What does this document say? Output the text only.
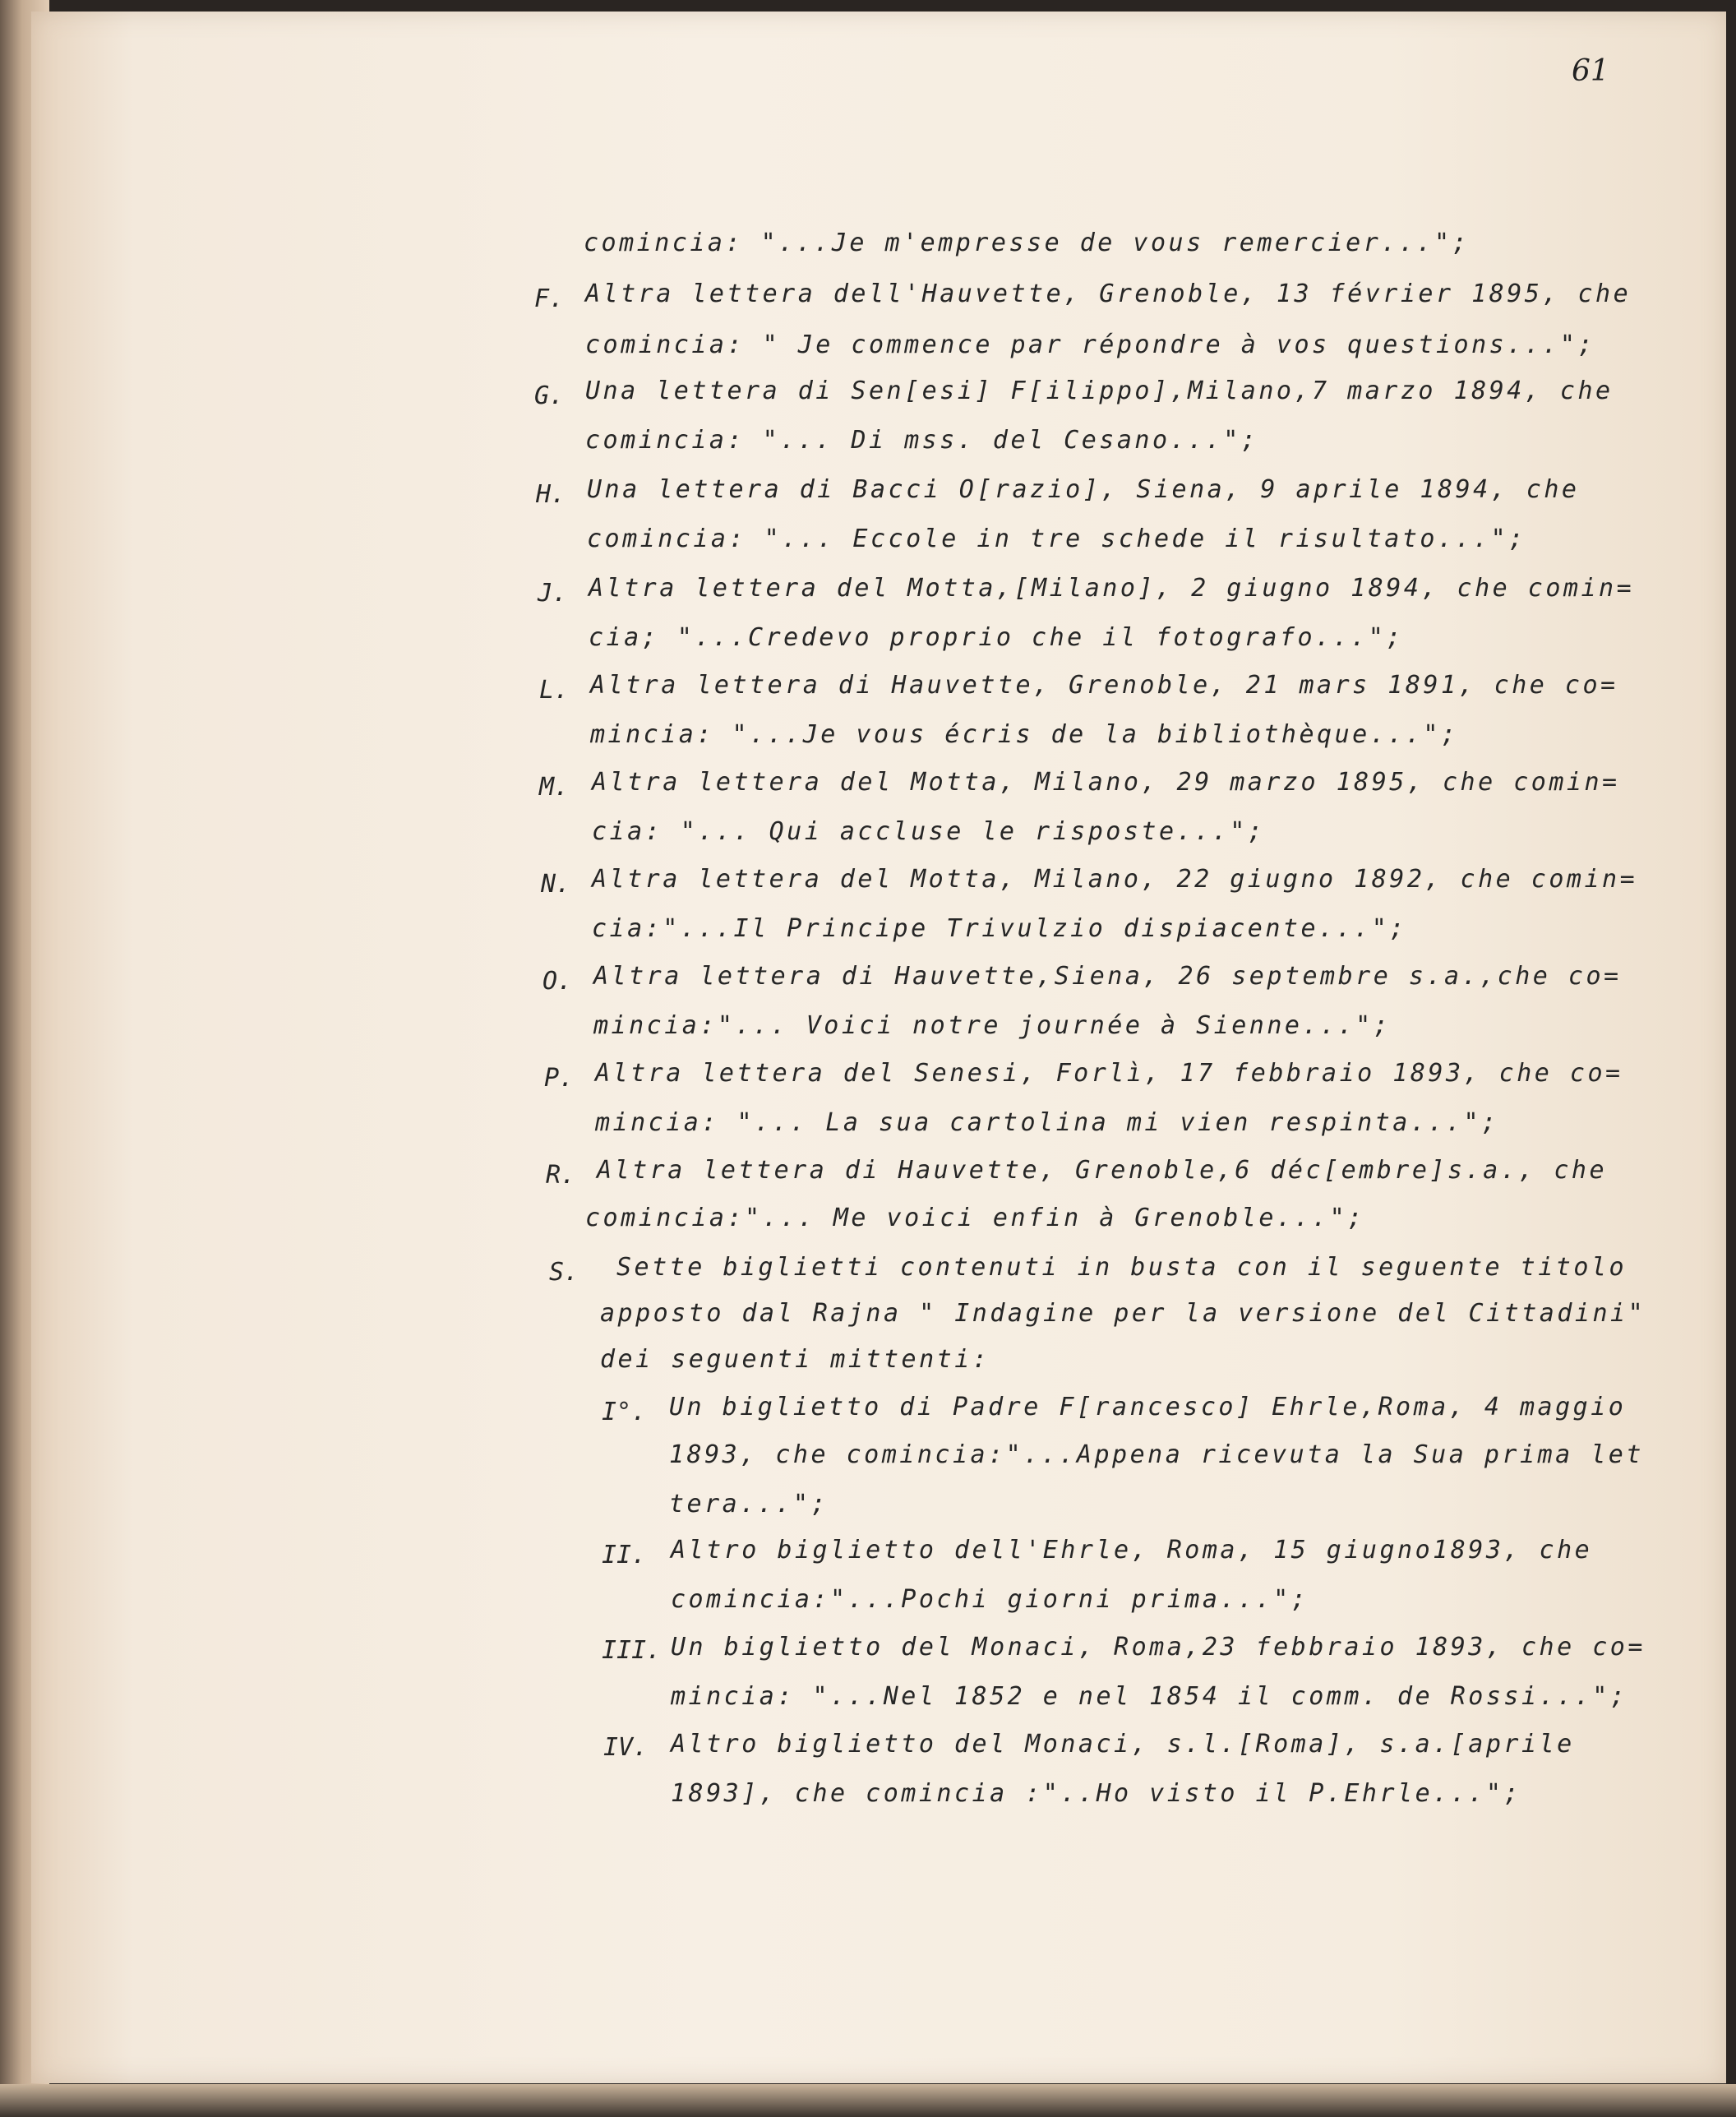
61
comincia: "...Je m'empresse de vous remercier...";
F. Altra lettera dell'Hauvette, Grenoble, 13 février 1895, che
comincia: " Je commence par répondre à vos questions...";
G. Una lettera di Sen[esi] F[ilippo],Milano,7 marzo 1894, che
comincia: "... Di mss. del Cesano...";
H. Una lettera di Bacci O[razio], Siena, 9 aprile 1894, che
comincia: "... Eccole in tre schede il risultato...";
J. Altra lettera del Motta,[Milano], 2 giugno 1894, che comin=
cia; "...Credevo proprio che il fotografo...";
L. Altra lettera di Hauvette, Grenoble, 21 mars 1891, che co=
mincia: "...Je vous écris de la bibliothèque...";
M. Altra lettera del Motta, Milano, 29 marzo 1895, che comin=
cia: "... Qui accluse le risposte...";
N. Altra lettera del Motta, Milano, 22 giugno 1892, che comin=
cia:"...Il Principe Trivulzio dispiacente...";
O. Altra lettera di Hauvette,Siena, 26 septembre s.a.,che co=
mincia:"... Voici notre journée à Sienne...";
P. Altra lettera del Senesi, Forlì, 17 febbraio 1893, che co=
mincia: "... La sua cartolina mi vien respinta...";
R. Altra lettera di Hauvette, Grenoble,6 déc[embre]s.a., che
comincia:"... Me voici enfin à Grenoble...";
S. Sette biglietti contenuti in busta con il seguente titolo
apposto dal Rajna " Indagine per la versione del Cittadini"
dei seguenti mittenti:
I°. Un biglietto di Padre F[rancesco] Ehrle,Roma, 4 maggio
1893, che comincia:"...Appena ricevuta la Sua prima let
tera...";
II. Altro biglietto dell'Ehrle, Roma, 15 giugno1893, che
comincia:"...Pochi giorni prima...";
III. Un biglietto del Monaci, Roma,23 febbraio 1893, che co=
mincia: "...Nel 1852 e nel 1854 il comm. de Rossi...";
IV. Altro biglietto del Monaci, s.l.[Roma], s.a.[aprile
1893], che comincia :"..Ho visto il P.Ehrle...";
